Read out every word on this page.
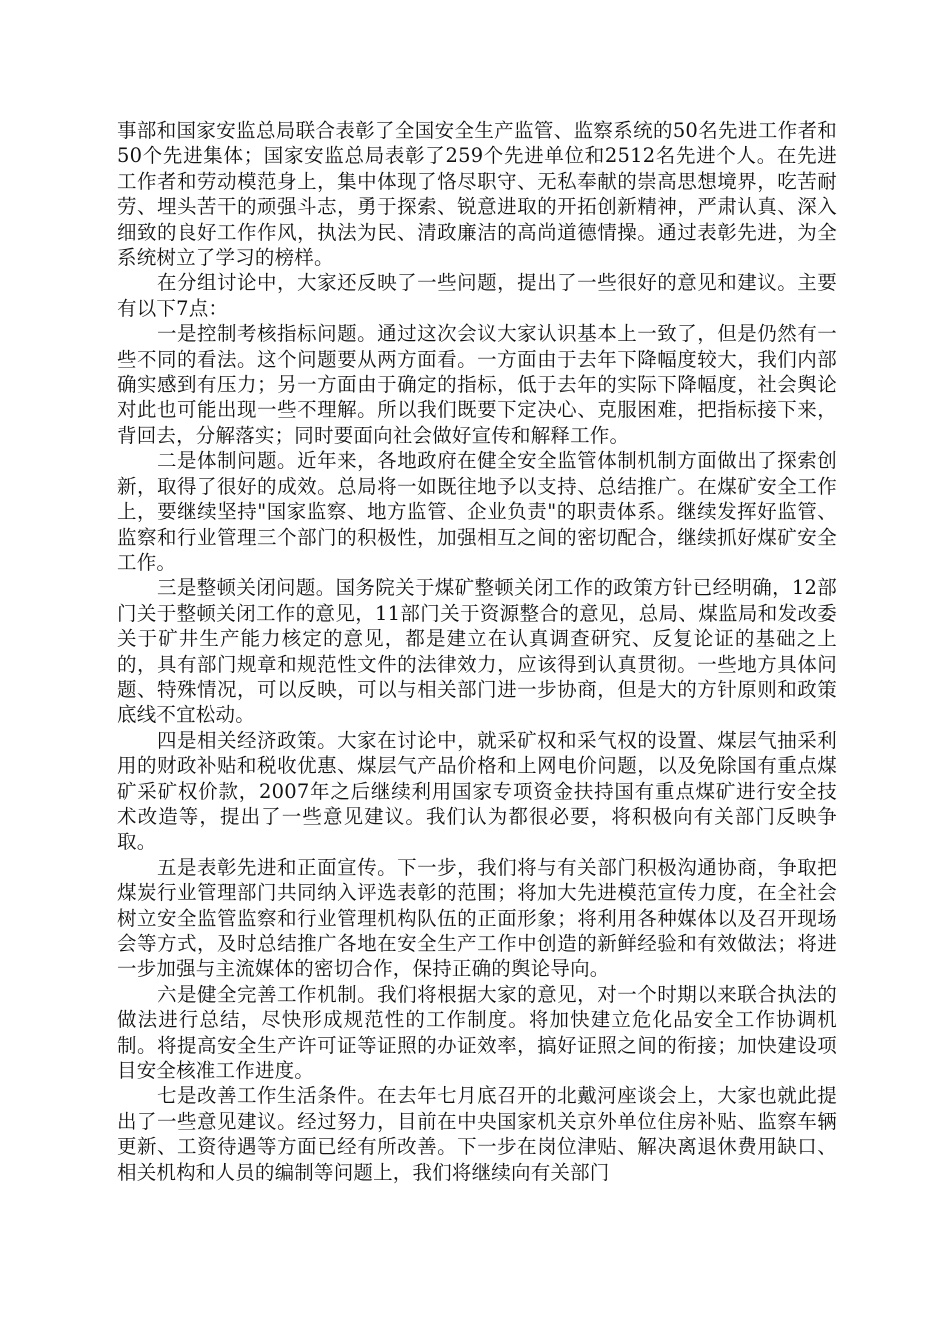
事部和国家安监总局联合表彰了全国安全生产监管、监察系统的50名先进工作者和50个先进集体；国家安监总局表彰了259个先进单位和2512名先进个人。在先进工作者和劳动模范身上，集中体现了恪尽职守、无私奉献的崇高思想境界，吃苦耐劳、埋头苦干的顽强斗志，勇于探索、锐意进取的开拓创新精神，严肃认真、深入细致的良好工作作风，执法为民、清政廉洁的高尚道德情操。通过表彰先进，为全系统树立了学习的榜样。

在分组讨论中，大家还反映了一些问题，提出了一些很好的意见和建议。主要有以下7点：

一是控制考核指标问题。通过这次会议大家认识基本上一致了，但是仍然有一些不同的看法。这个问题要从两方面看。一方面由于去年下降幅度较大，我们内部确实感到有压力；另一方面由于确定的指标，低于去年的实际下降幅度，社会舆论对此也可能出现一些不理解。所以我们既要下定决心、克服困难，把指标接下来，背回去，分解落实；同时要面向社会做好宣传和解释工作。

二是体制问题。近年来，各地政府在健全安全监管体制机制方面做出了探索创新，取得了很好的成效。总局将一如既往地予以支持、总结推广。在煤矿安全工作上，要继续坚持"国家监察、地方监管、企业负责"的职责体系。继续发挥好监管、监察和行业管理三个部门的积极性，加强相互之间的密切配合，继续抓好煤矿安全工作。

三是整顿关闭问题。国务院关于煤矿整顿关闭工作的政策方针已经明确，12部门关于整顿关闭工作的意见，11部门关于资源整合的意见，总局、煤监局和发改委关于矿井生产能力核定的意见，都是建立在认真调查研究、反复论证的基础之上的，具有部门规章和规范性文件的法律效力，应该得到认真贯彻。一些地方具体问题、特殊情况，可以反映，可以与相关部门进一步协商，但是大的方针原则和政策底线不宜松动。

四是相关经济政策。大家在讨论中，就采矿权和采气权的设置、煤层气抽采利用的财政补贴和税收优惠、煤层气产品价格和上网电价问题，以及免除国有重点煤矿采矿权价款，2007年之后继续利用国家专项资金扶持国有重点煤矿进行安全技术改造等，提出了一些意见建议。我们认为都很必要，将积极向有关部门反映争取。

五是表彰先进和正面宣传。下一步，我们将与有关部门积极沟通协商，争取把煤炭行业管理部门共同纳入评选表彰的范围；将加大先进模范宣传力度，在全社会树立安全监管监察和行业管理机构队伍的正面形象；将利用各种媒体以及召开现场会等方式，及时总结推广各地在安全生产工作中创造的新鲜经验和有效做法；将进一步加强与主流媒体的密切合作，保持正确的舆论导向。

六是健全完善工作机制。我们将根据大家的意见，对一个时期以来联合执法的做法进行总结，尽快形成规范性的工作制度。将加快建立危化品安全工作协调机制。将提高安全生产许可证等证照的办证效率，搞好证照之间的衔接；加快建设项目安全核准工作进度。

七是改善工作生活条件。在去年七月底召开的北戴河座谈会上，大家也就此提出了一些意见建议。经过努力，目前在中央国家机关京外单位住房补贴、监察车辆更新、工资待遇等方面已经有所改善。下一步在岗位津贴、解决离退休费用缺口、相关机构和人员的编制等问题上，我们将继续向有关部门
